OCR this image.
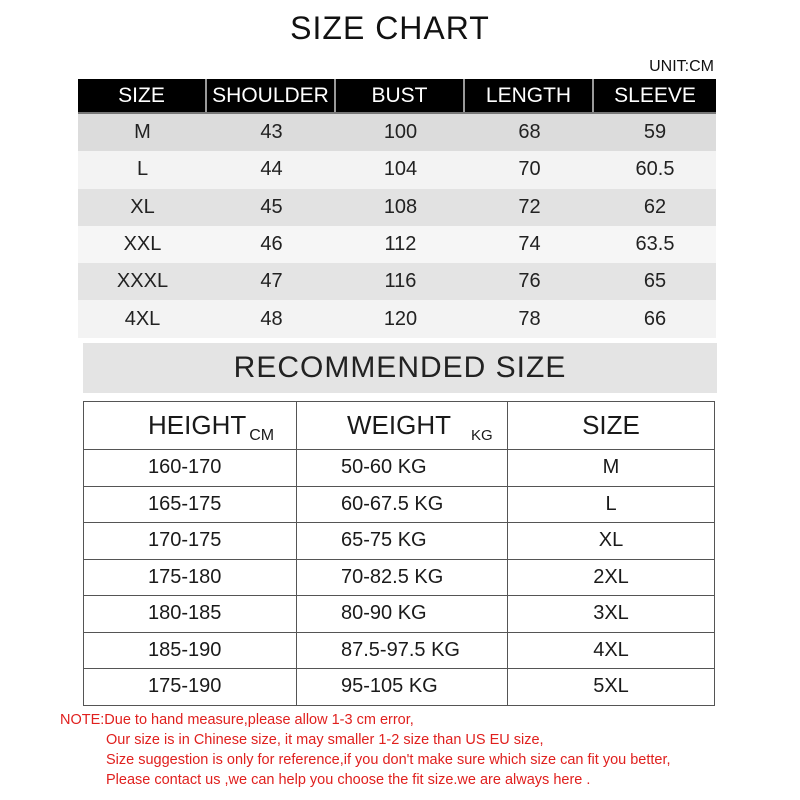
SIZE CHART
UNIT:CM
SIZE	SHOULDER	BUST	LENGTH	SLEEVE
M	43	100	68	59
L	44	104	70	60.5
XL	45	108	72	62
XXL	46	112	74	63.5
XXXL	47	116	76	65
4XL	48	120	78	66
RECOMMENDED SIZE
HEIGHT CM	WEIGHT KG	SIZE
160-170	50-60 KG	M
165-175	60-67.5 KG	L
170-175	65-75 KG	XL
175-180	70-82.5 KG	2XL
180-185	80-90 KG	3XL
185-190	87.5-97.5 KG	4XL
175-190	95-105 KG	5XL
NOTE:Due to hand measure,please allow 1-3 cm error,
Our size is in Chinese size, it may smaller 1-2 size than US EU size,
Size suggestion is only for reference,if you don't make sure which size can fit you better,
Please contact us ,we can help you choose the fit size.we are always here .
